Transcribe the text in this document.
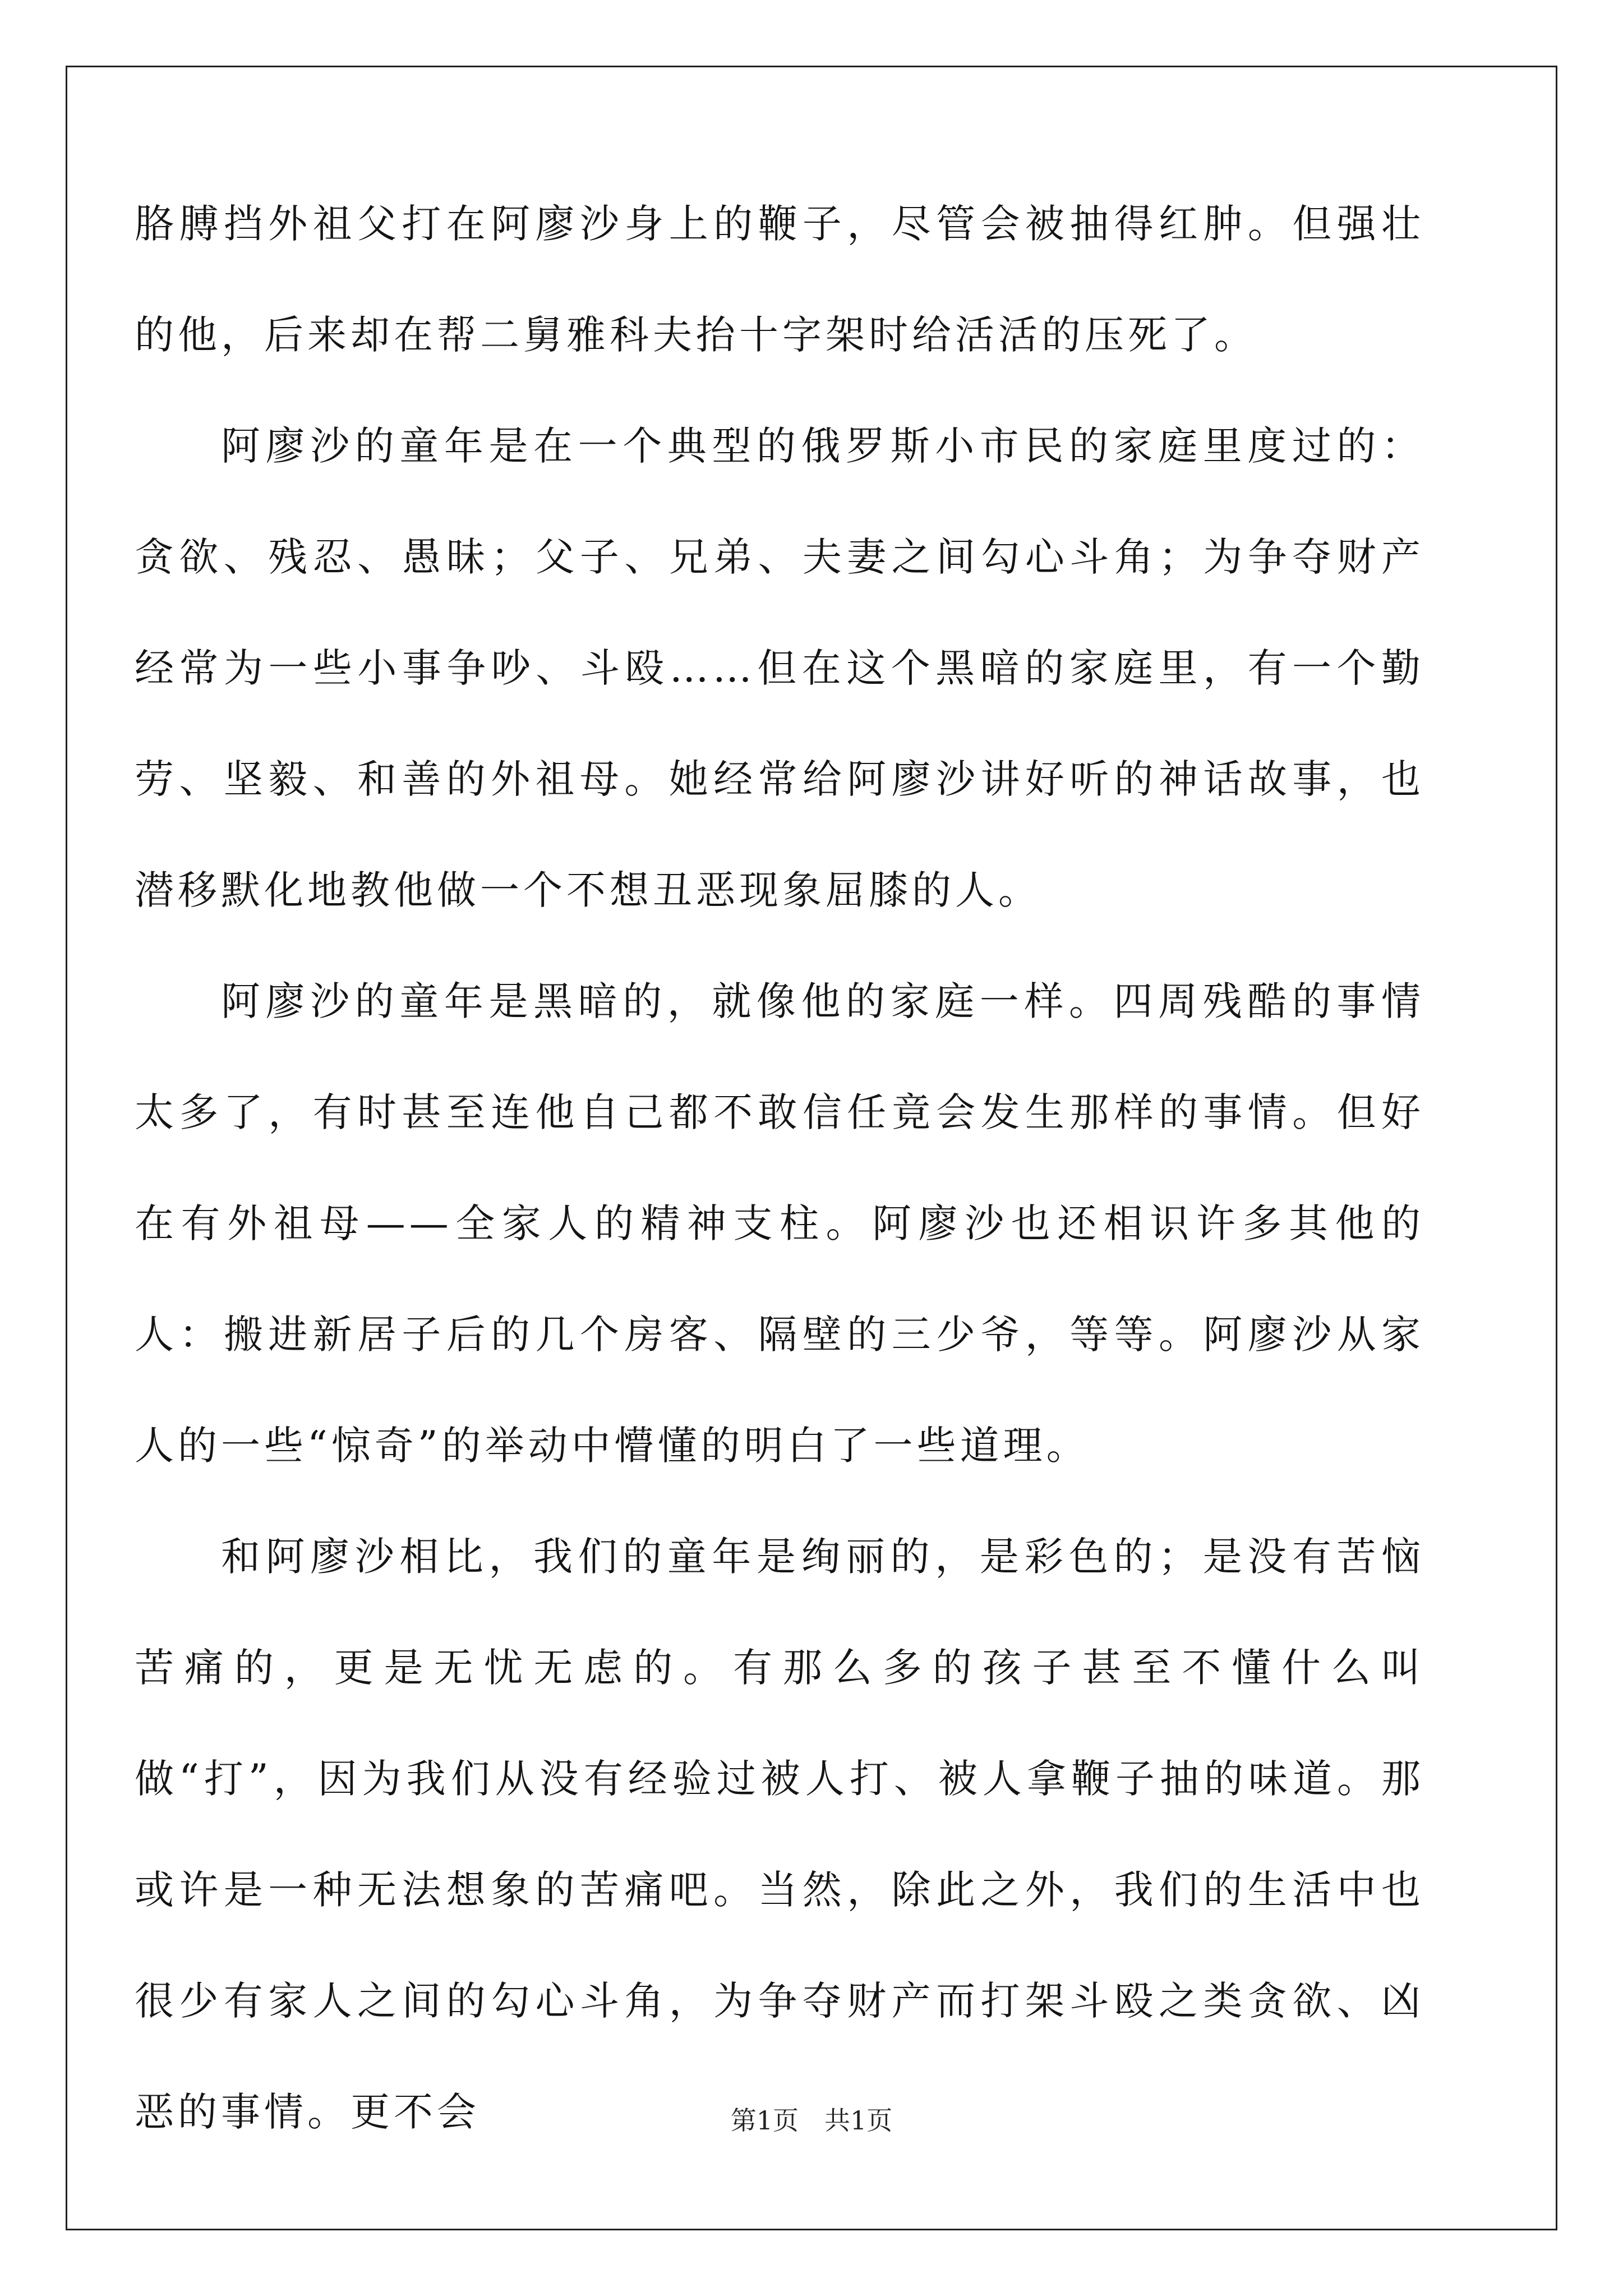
胳膊挡外祖父打在阿廖沙身上的鞭子，尽管会被抽得红肿。但强壮的他，后来却在帮二舅雅科夫抬十字架时给活活的压死了。

阿廖沙的童年是在一个典型的俄罗斯小市民的家庭里度过的：贪欲、残忍、愚昧；父子、兄弟、夫妻之间勾心斗角；为争夺财产经常为一些小事争吵、斗殴……但在这个黑暗的家庭里，有一个勤劳、坚毅、和善的外祖母。她经常给阿廖沙讲好听的神话故事，也潜移默化地教他做一个不想丑恶现象屈膝的人。

阿廖沙的童年是黑暗的，就像他的家庭一样。四周残酷的事情太多了，有时甚至连他自己都不敢信任竟会发生那样的事情。但好在有外祖母——全家人的精神支柱。阿廖沙也还相识许多其他的人：搬进新居子后的几个房客、隔壁的三少爷，等等。阿廖沙从家人的一些“惊奇”的举动中懵懂的明白了一些道理。

和阿廖沙相比，我们的童年是绚丽的，是彩色的；是没有苦恼苦痛的，更是无忧无虑的。有那么多的孩子甚至不懂什么叫做“打”，因为我们从没有经验过被人打、被人拿鞭子抽的味道。那或许是一种无法想象的苦痛吧。当然，除此之外，我们的生活中也很少有家人之间的勾心斗角，为争夺财产而打架斗殴之类贪欲、凶恶的事情。更不会	第1页 共1页
